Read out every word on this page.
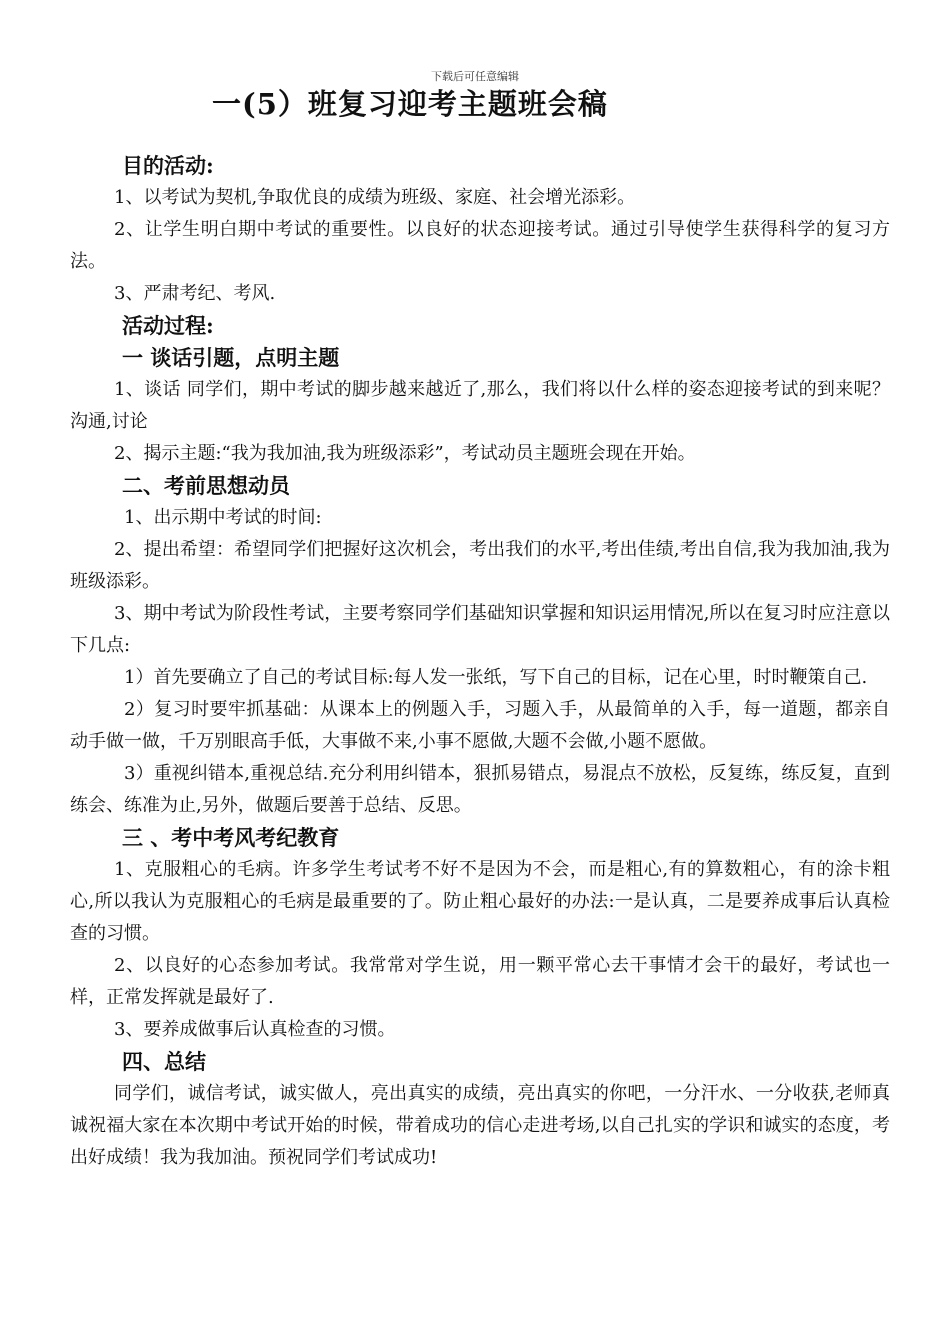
下载后可任意编辑
一(5）班复习迎考主题班会稿
目的活动:

1、以考试为契机,争取优良的成绩为班级、家庭、社会增光添彩。

2、让学生明白期中考试的重要性。以良好的状态迎接考试。通过引导使学生获得科学的复习方法。

3、严肃考纪、考风.

活动过程:
一 谈话引题，点明主题

1、谈话 同学们，期中考试的脚步越来越近了,那么，我们将以什么样的姿态迎接考试的到来呢？沟通,讨论

2、揭示主题:“我为我加油,我为班级添彩”，考试动员主题班会现在开始。

二、考前思想动员

1、出示期中考试的时间:

2、提出希望：希望同学们把握好这次机会，考出我们的水平,考出佳绩,考出自信,我为我加油,我为班级添彩。

3、期中考试为阶段性考试，主要考察同学们基础知识掌握和知识运用情况,所以在复习时应注意以下几点:

1）首先要确立了自己的考试目标:每人发一张纸，写下自己的目标，记在心里，时时鞭策自己.

2）复习时要牢抓基础：从课本上的例题入手，习题入手，从最简单的入手，每一道题，都亲自动手做一做，千万别眼高手低，大事做不来,小事不愿做,大题不会做,小题不愿做。

3）重视纠错本,重视总结.充分利用纠错本，狠抓易错点，易混点不放松，反复练，练反复，直到练会、练准为止,另外，做题后要善于总结、反思。

三 、考中考风考纪教育

1、克服粗心的毛病。许多学生考试考不好不是因为不会，而是粗心,有的算数粗心，有的涂卡粗心,所以我认为克服粗心的毛病是最重要的了。防止粗心最好的办法:一是认真，二是要养成事后认真检查的习惯。

2、以良好的心态参加考试。我常常对学生说，用一颗平常心去干事情才会干的最好，考试也一样，正常发挥就是最好了.

3、要养成做事后认真检查的习惯。

四、总结

同学们，诚信考试，诚实做人，亮出真实的成绩，亮出真实的你吧，一分汗水、一分收获,老师真诚祝福大家在本次期中考试开始的时候，带着成功的信心走进考场,以自己扎实的学识和诚实的态度，考出好成绩！我为我加油。预祝同学们考试成功!
